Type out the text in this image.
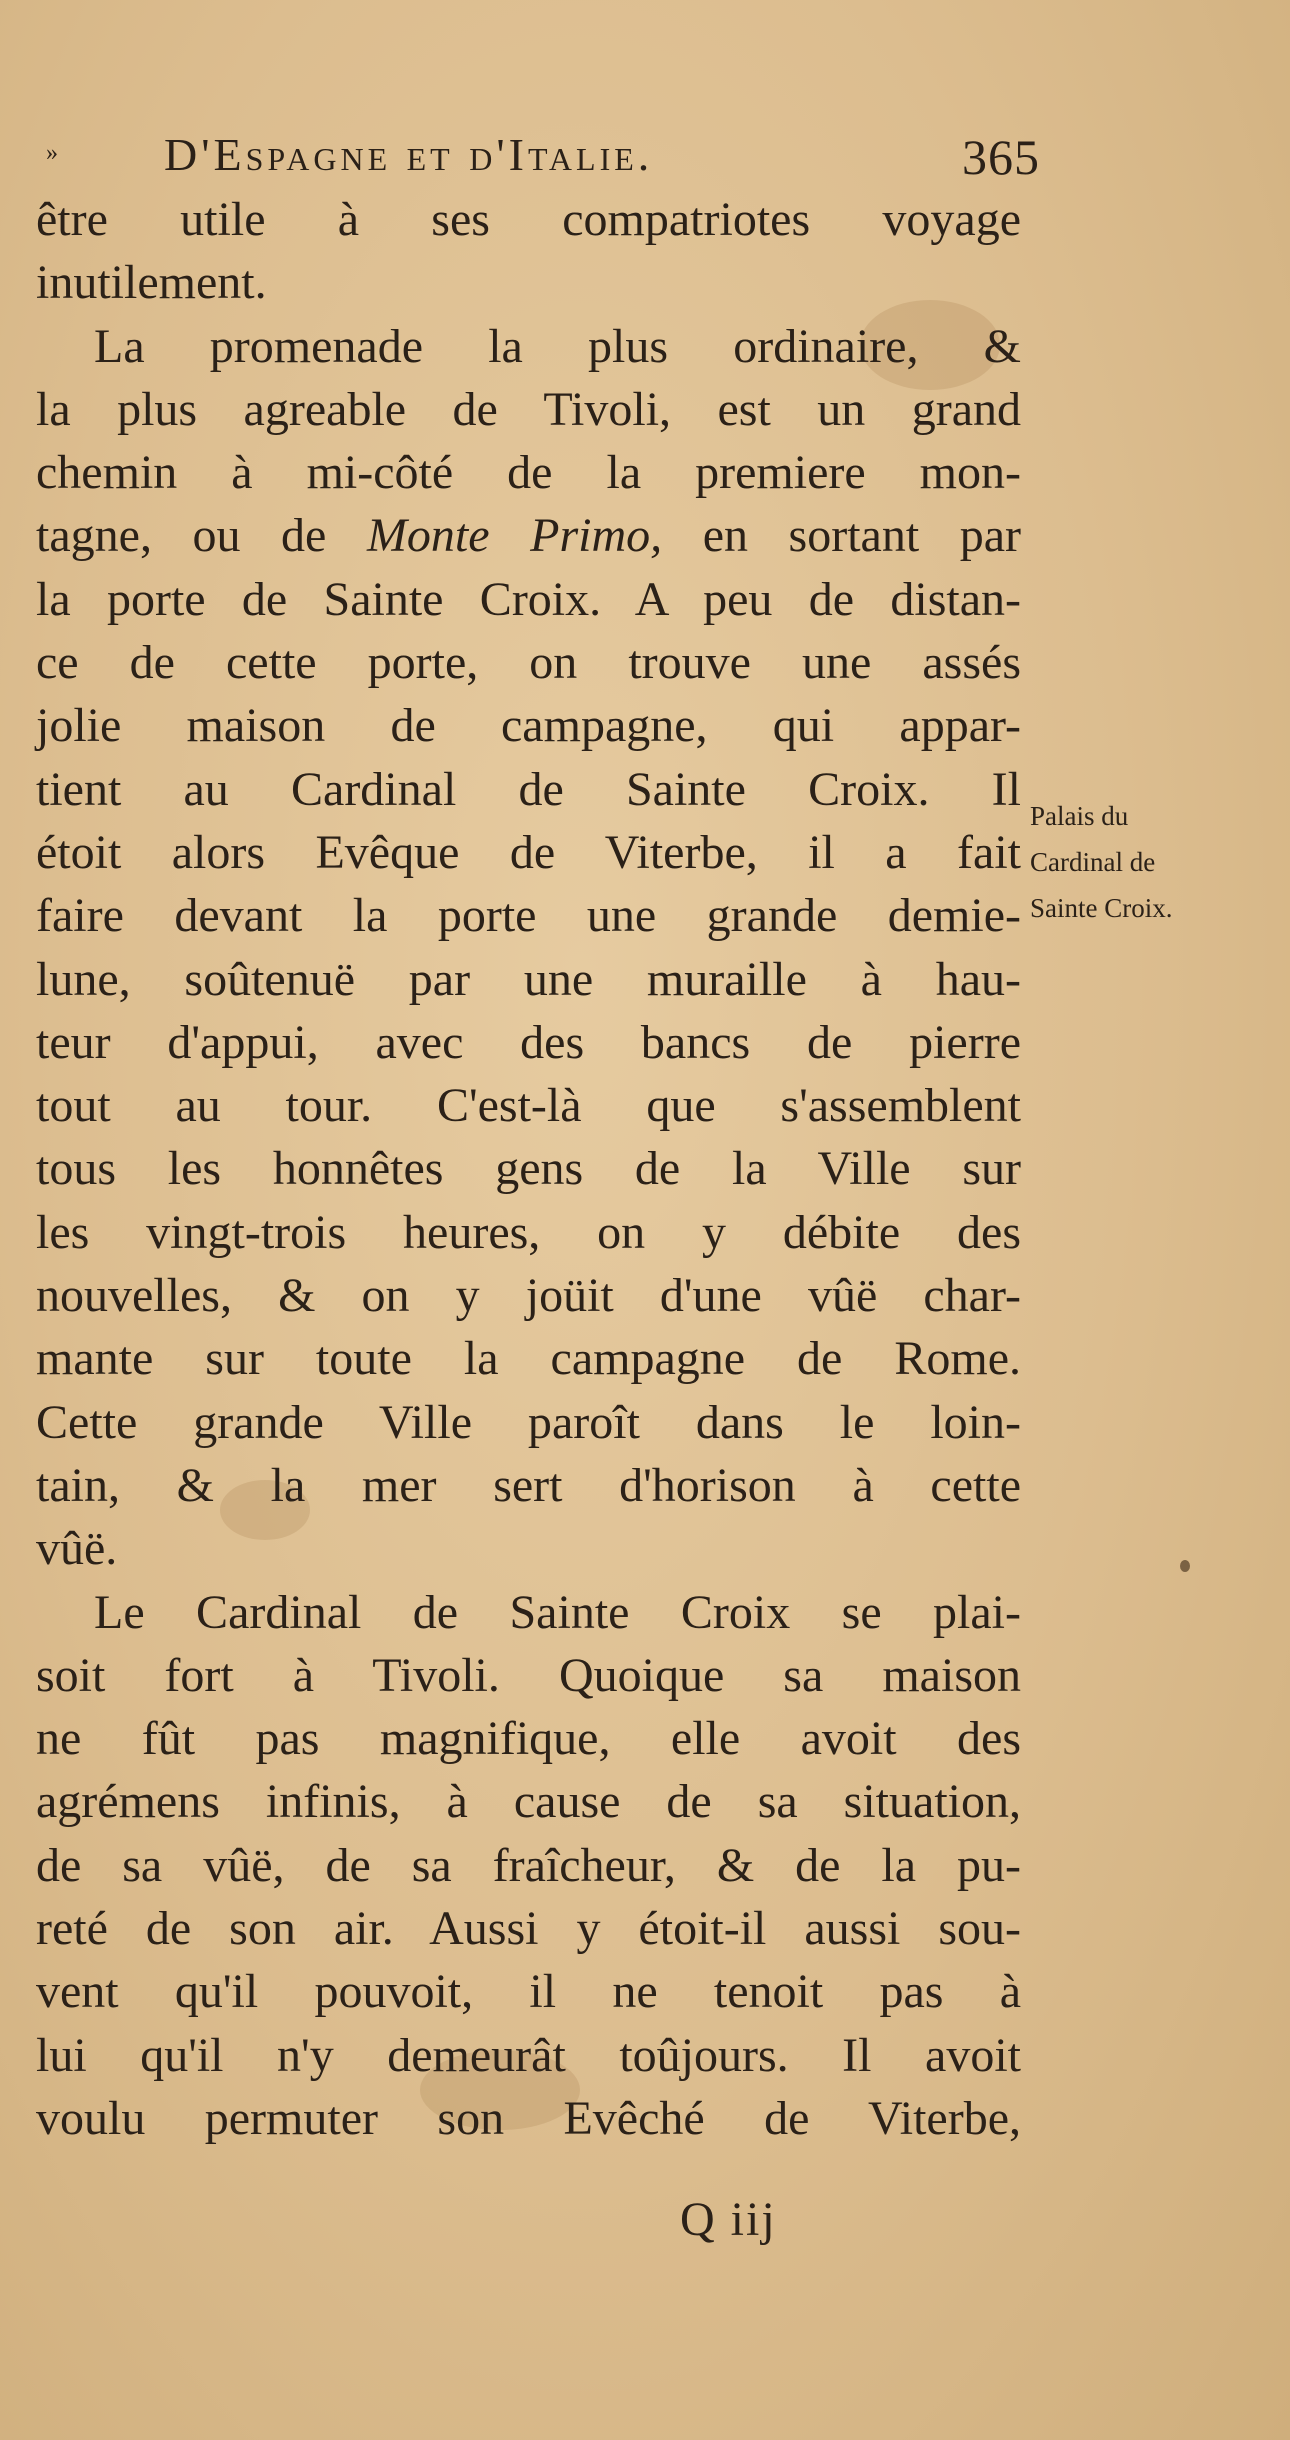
» D'Espagne et d'Italie.	365
être utile à ses compatriotes voyage
inutilement.
La promenade la plus ordinaire, &
la plus agreable de Tivoli, est un grand
chemin à mi-côté de la premiere mon-
tagne, ou de Monte Primo, en sortant par
la porte de Sainte Croix. A peu de distan-
ce de cette porte, on trouve une assés
jolie maison de campagne, qui appar-
tient au Cardinal de Sainte Croix. Il
étoit alors Evêque de Viterbe, il a fait
faire devant la porte une grande demie-
lune, soûtenuë par une muraille à hau-
teur d'appui, avec des bancs de pierre
tout au tour. C'est-là que s'assemblent
tous les honnêtes gens de la Ville sur
les vingt-trois heures, on y débite des
nouvelles, & on y joüit d'une vûë char-
mante sur toute la campagne de Rome.
Cette grande Ville paroît dans le loin-
tain, & la mer sert d'horison à cette
vûë.
Le Cardinal de Sainte Croix se plai-
soit fort à Tivoli. Quoique sa maison
ne fût pas magnifique, elle avoit des
agrémens infinis, à cause de sa situation,
de sa vûë, de sa fraîcheur, & de la pu-
reté de son air. Aussi y étoit-il aussi sou-
vent qu'il pouvoit, il ne tenoit pas à
lui qu'il n'y demeurât toûjours. Il avoit
voulu permuter son Evêché de Viterbe,
Palais du
Cardinal de
Sainte Croix.
Q iij
